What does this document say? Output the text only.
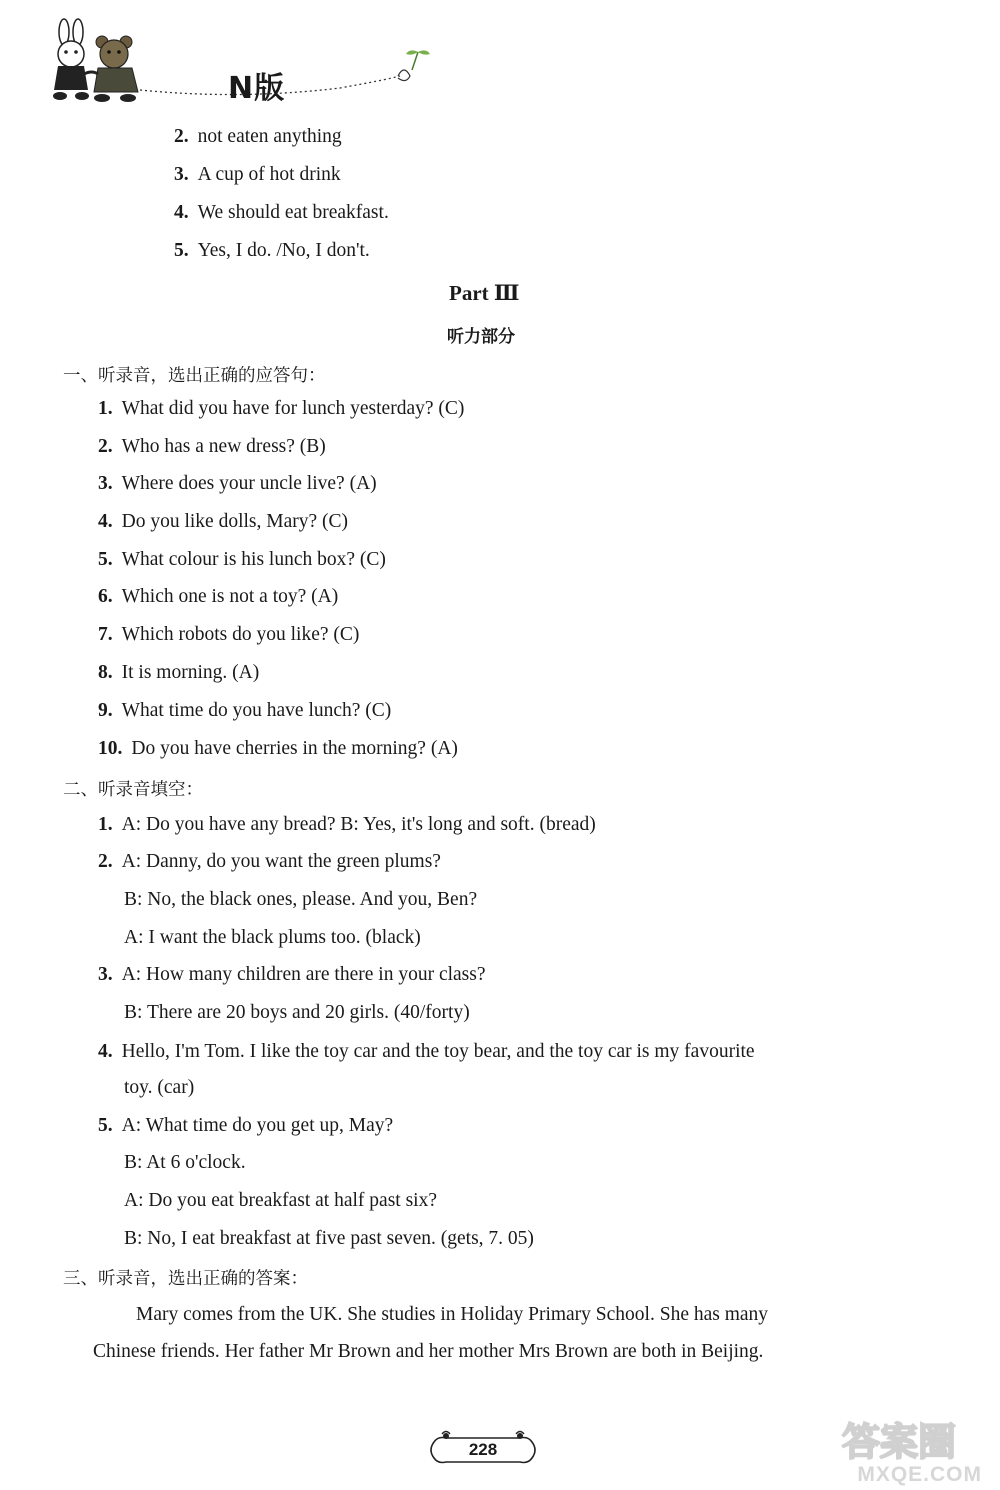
N版
2. not eaten anything
3. A cup of hot drink
4. We should eat breakfast.
5. Yes, I do. /No, I don't.
Part Ⅲ
听力部分
一、听录音，选出正确的应答句：
1. What did you have for lunch yesterday? (C)
2. Who has a new dress? (B)
3. Where does your uncle live? (A)
4. Do you like dolls, Mary? (C)
5. What colour is his lunch box? (C)
6. Which one is not a toy? (A)
7. Which robots do you like? (C)
8. It is morning. (A)
9. What time do you have lunch? (C)
10. Do you have cherries in the morning? (A)
二、听录音填空：
1. A: Do you have any bread? B: Yes, it's long and soft. (bread)
2. A: Danny, do you want the green plums?
B: No, the black ones, please. And you, Ben?
A: I want the black plums too. (black)
3. A: How many children are there in your class?
B: There are 20 boys and 20 girls. (40/forty)
4. Hello, I'm Tom. I like the toy car and the toy bear, and the toy car is my favourite
toy. (car)
5. A: What time do you get up, May?
B: At 6 o'clock.
A: Do you eat breakfast at half past six?
B: No, I eat breakfast at five past seven. (gets, 7. 05)
三、听录音，选出正确的答案：
Mary comes from the UK. She studies in Holiday Primary School. She has many
Chinese friends. Her father Mr Brown and her mother Mrs Brown are both in Beijing.
228	答案圈
MXQE.COM
